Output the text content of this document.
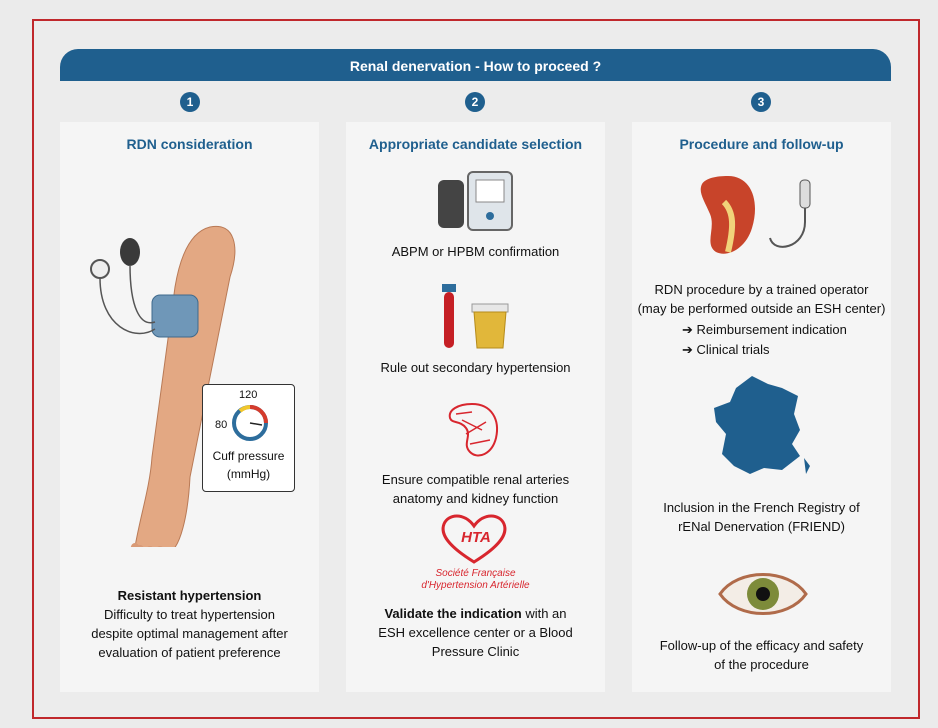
Renal denervation - How to proceed ?
1	2	3
RDN consideration
120
80
Cuff pressure
(mmHg)
Resistant hypertension
Difficulty to treat hypertension
despite optimal management after
evaluation of patient preference
Appropriate candidate selection
ABPM or HPBM confirmation
Rule out secondary hypertension
Ensure compatible renal arteries
anatomy and kidney function
HTA
Société Française
d'Hypertension Artérielle
Validate the indication with an
ESH excellence center or a Blood
Pressure Clinic
Procedure and follow-up
RDN procedure by a trained operator
(may be performed outside an ESH center)
➔ Reimbursement indication
➔ Clinical trials
Inclusion in the French Registry of
rENal Denervation (FRIEND)
Follow-up of the efficacy and safety
of the procedure
